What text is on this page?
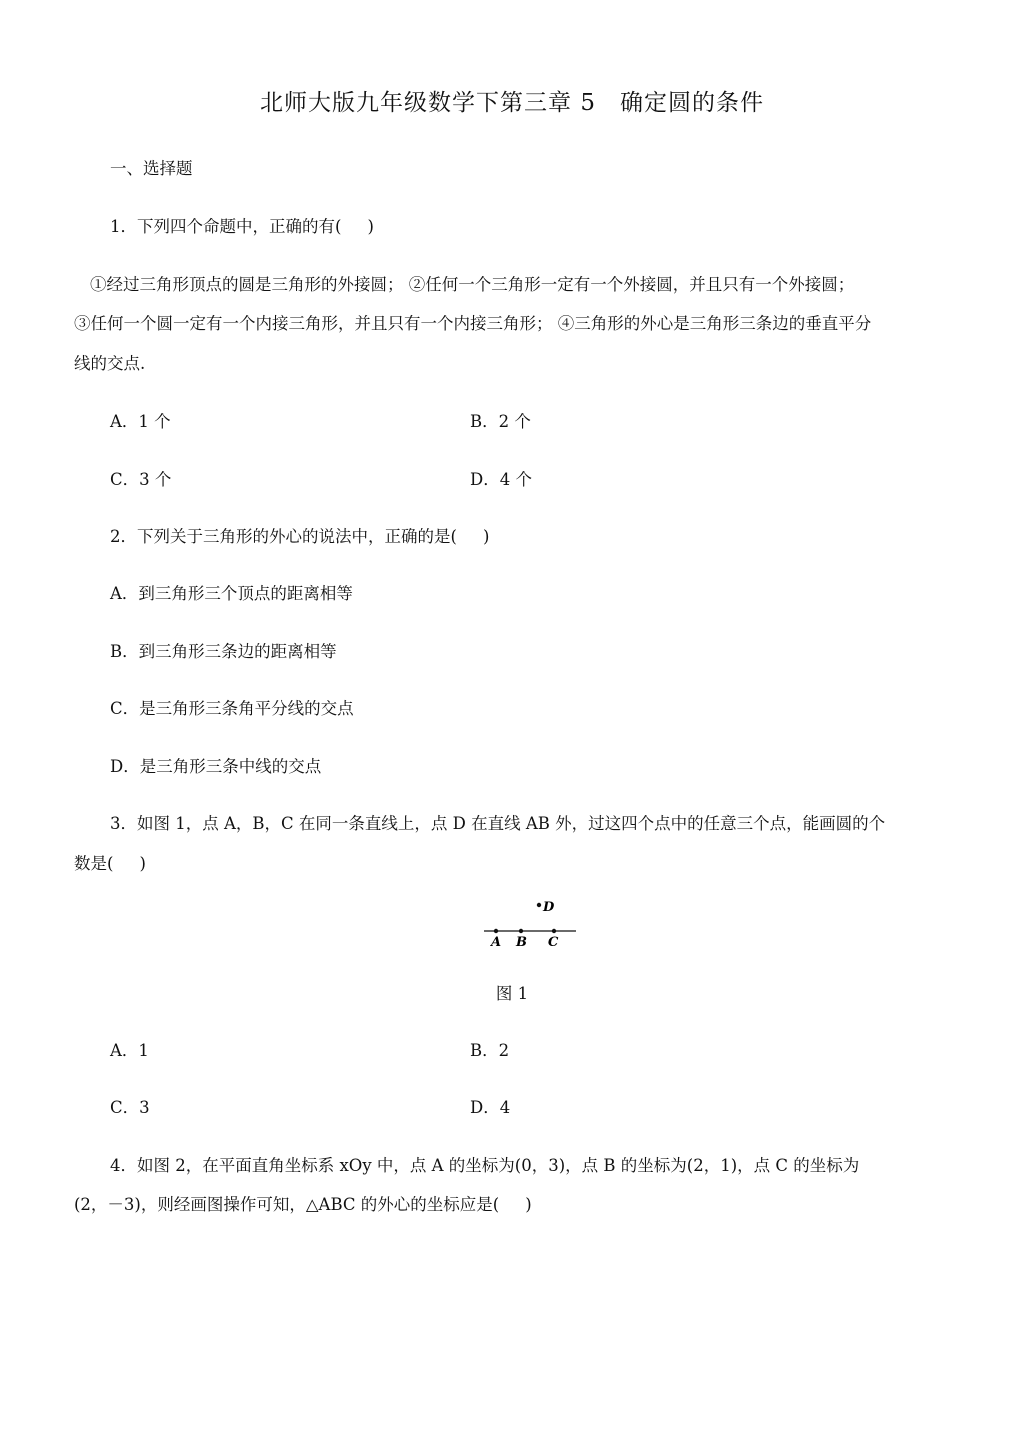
北师大版九年级数学下第三章 5　确定圆的条件
一、选择题
1．下列四个命题中，正确的有( )
①经过三角形顶点的圆是三角形的外接圆； ②任何一个三角形一定有一个外接圆，并且只有一个外接圆；
③任何一个圆一定有一个内接三角形，并且只有一个内接三角形； ④三角形的外心是三角形三条边的垂直平分
线的交点.
A．1 个	B．2 个
C．3 个	D．4 个
2．下列关于三角形的外心的说法中，正确的是( )
A．到三角形三个顶点的距离相等
B．到三角形三条边的距离相等
C．是三角形三条角平分线的交点
D．是三角形三条中线的交点
3．如图 1，点 A，B，C 在同一条直线上，点 D 在直线 AB 外，过这四个点中的任意三个点，能画圆的个
数是( )
A B C
D
图 1
A．1	B．2
C．3	D．4
4．如图 2，在平面直角坐标系 xOy 中，点 A 的坐标为(0，3)，点 B 的坐标为(2，1)，点 C 的坐标为
(2，－3)，则经画图操作可知，△ABC 的外心的坐标应是( )
